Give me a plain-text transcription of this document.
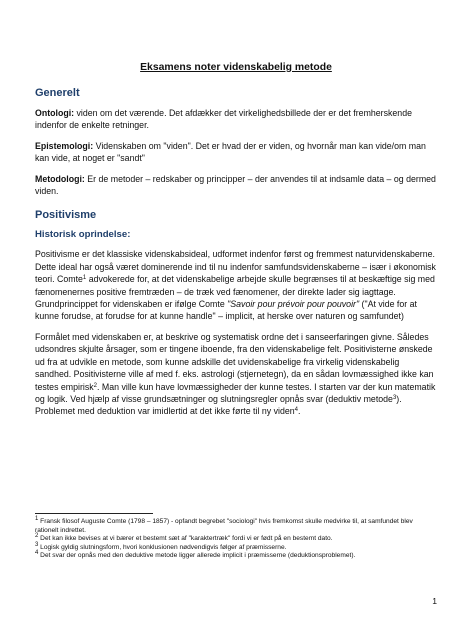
Eksamens noter videnskabelig metode
Generelt

Ontologi: viden om det værende. Det afdækker det virkelighedsbillede der er det fremherskende indenfor de enkelte retninger.

Epistemologi: Videnskaben om "viden". Det er hvad der er viden, og hvornår man kan vide/om man kan vide, at noget er "sandt"

Metodologi: Er de metoder – redskaber og principper – der anvendes til at indsamle data – og dermed viden.

Positivisme
Historisk oprindelse:

Positivisme er det klassiske videnskabsideal, udformet indenfor først og fremmest naturvidenskaberne. Dette ideal har også været dominerende ind til nu indenfor samfundsvidenskaberne – især i økonomisk teori. Comte$^1$ advokerede for, at det videnskabelige arbejde skulle begrænses til at beskæftige sig med fænomenernes positive fremtræden – de træk ved fænomener, der direkte lader sig iagttage. Grundprincippet for videnskaben er ifølge Comte "Savoir pour prévoir pour pouvoir" ("At vide for at kunne forudse, at forudse for at kunne handle" – implicit, at herske over naturen og samfundet)

Formålet med videnskaben er, at beskrive og systematisk ordne det i sanseerfaringen givne. Således udsondres skjulte årsager, som er tingene iboende, fra den videnskabelige felt. Positivisterne ønskede ud fra at udvikle en metode, som kunne adskille det uvidenskabelige fra virkelig videnskabelig sandhed. Positivisterne ville af med f. eks. astrologi (stjernetegn), da en sådan lovmæssighed ikke kan testes empirisk$^2$. Man ville kun have lovmæssigheder der kunne testes. I starten var der kun matematik og logik. Ved hjælp af visse grundsætninger og slutningsregler opnås svar (deduktiv metode$^3$). Problemet med deduktion var imidlertid at det ikke førte til ny viden$^4$.

$^1$ Fransk filosof Auguste Comte (1798 – 1857) - opfandt begrebet "sociologi" hvis fremkomst skulle medvirke til, at samfundet blev rationelt indrettet.
$^2$ Det kan ikke bevises at vi bærer et bestemt sæt af "karaktertræk" fordi vi er født på en bestemt dato.
$^3$ Logisk gyldig slutningsform, hvori konklusionen nødvendigvis følger af præmisserne.
$^4$ Det svar der opnås med den deduktive metode ligger allerede implicit i præmisserne (deduktionsproblemet).
1
